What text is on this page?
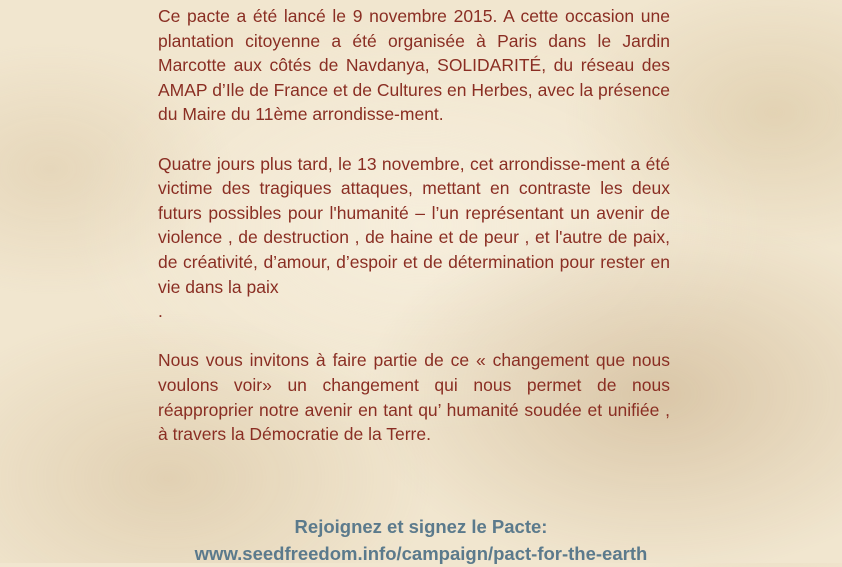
Ce pacte a été lancé le 9 novembre 2015. A cette occasion une plantation citoyenne a été organisée à Paris dans le Jardin Marcotte aux côtés de Navdanya, SOLIDARITÉ, du réseau des AMAP d’Ile de France et de Cultures en Herbes, avec la présence du Maire du 11ème arrondisse-ment.

Quatre jours plus tard, le 13 novembre, cet arrondisse-ment a été victime des tragiques attaques, mettant en contraste les deux futurs possibles pour l'humanité – l’un représentant un avenir de violence , de destruction , de haine et de peur , et l'autre de paix, de créativité, d’amour, d’espoir et de détermination pour rester en vie dans la paix
.

Nous vous invitons à faire partie de ce « changement que nous voulons voir» un changement qui nous permet de nous réapproprier notre avenir en tant qu’ humanité soudée et unifiée , à travers la Démocratie de la Terre.

Rejoignez et signez le Pacte:
www.seedfreedom.info/campaign/pact-for-the-earth
